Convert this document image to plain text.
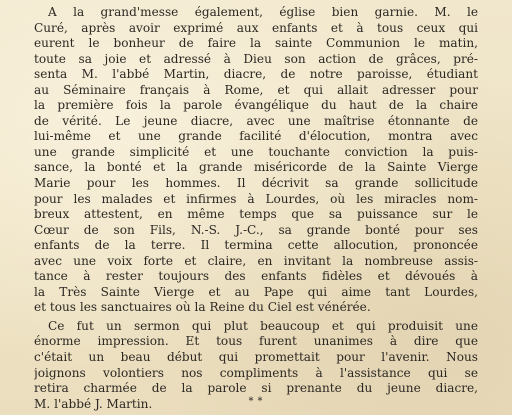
A la grand'messe également, église bien garnie. M. le
Curé, après avoir exprimé aux enfants et à tous ceux qui
eurent le bonheur de faire la sainte Communion le matin,
toute sa joie et adressé à Dieu son action de grâces, pré-
senta M. l'abbé Martin, diacre, de notre paroisse, étudiant
au Séminaire français à Rome, et qui allait adresser pour
la première fois la parole évangélique du haut de la chaire
de vérité. Le jeune diacre, avec une maîtrise étonnante de
lui-même et une grande facilité d'élocution, montra avec
une grande simplicité et une touchante conviction la puis-
sance, la bonté et la grande miséricorde de la Sainte Vierge
Marie pour les hommes. Il décrivit sa grande sollicitude
pour les malades et infirmes à Lourdes, où les miracles nom-
breux attestent, en même temps que sa puissance sur le
Cœur de son Fils, N.-S. J.-C., sa grande bonté pour ses
enfants de la terre. Il termina cette allocution, prononcée
avec une voix forte et claire, en invitant la nombreuse assis-
tance à rester toujours des enfants fidèles et dévoués à
la Très Sainte Vierge et au Pape qui aime tant Lourdes,
et tous les sanctuaires où la Reine du Ciel est vénérée.
Ce fut un sermon qui plut beaucoup et qui produisit une
énorme impression. Et tous furent unanimes à dire que
c'était un beau début qui promettait pour l'avenir. Nous
joignons volontiers nos compliments à l'assistance qui se
retira charmée de la parole si prenante du jeune diacre,
M. l'abbé J. Martin.	* *
